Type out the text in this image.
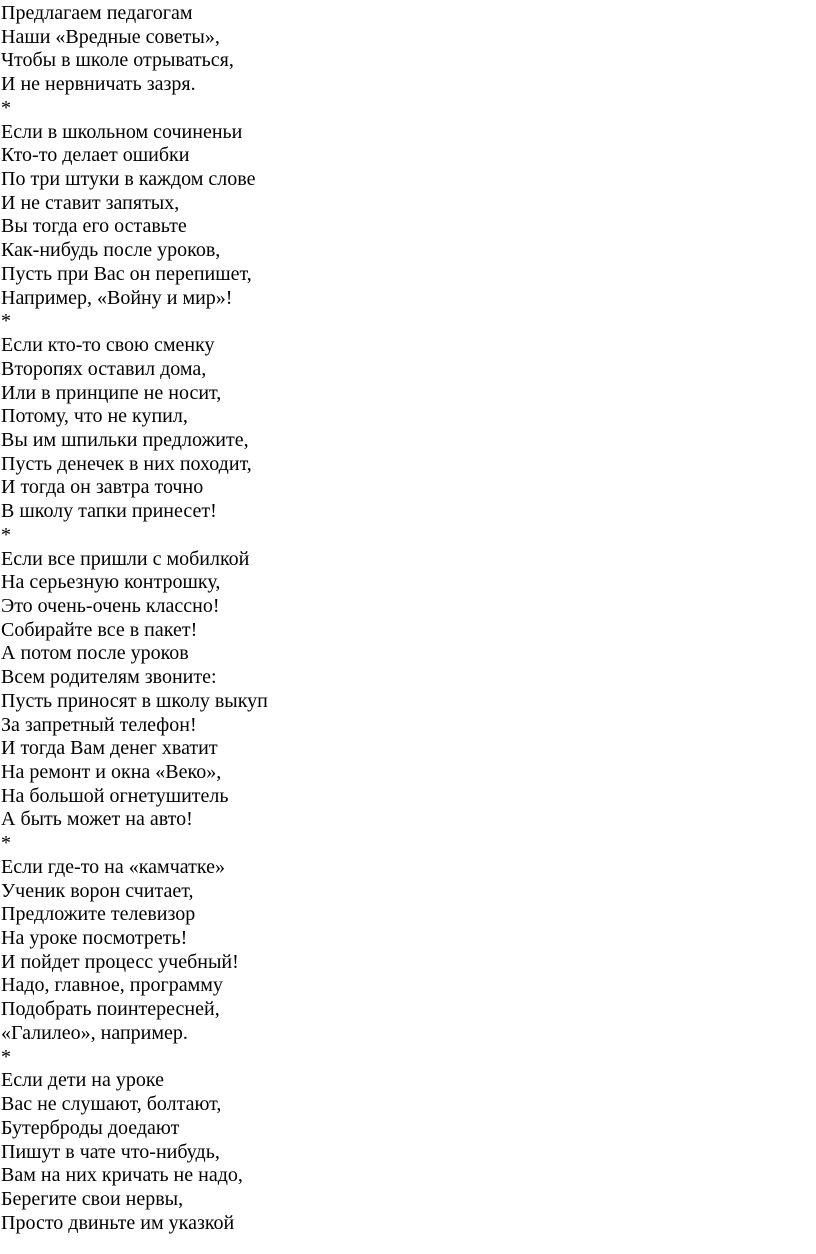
Предлагаем педагогам
Наши «Вредные советы»,
Чтобы в школе отрываться,
И не нервничать зазря.
*
Если в школьном сочиненьи
Кто-то делает ошибки
По три штуки в каждом слове
И не ставит запятых,
Вы тогда его оставьте
Как-нибудь после уроков,
Пусть при Вас он перепишет,
Например, «Войну и мир»!
*
Если кто-то свою сменку
Второпях оставил дома,
Или в принципе не носит,
Потому, что не купил,
Вы им шпильки предложите,
Пусть денечек в них походит,
И тогда он завтра точно
В школу тапки принесет!
*
Если все пришли с мобилкой
На серьезную контрошку,
Это очень-очень классно!
Собирайте все в пакет!
А потом после уроков
Всем родителям звоните:
Пусть приносят в школу выкуп
За запретный телефон!
И тогда Вам денег хватит
На ремонт и окна «Веко»,
На большой огнетушитель
А быть может на авто!
*
Если где-то на «камчатке»
Ученик ворон считает,
Предложите телевизор
На уроке посмотреть!
И пойдет процесс учебный!
Надо, главное, программу
Подобрать поинтересней,
«Галилео», например.
*
Если дети на уроке
Вас не слушают, болтают,
Бутерброды доедают
Пишут в чате что-нибудь,
Вам на них кричать не надо,
Берегите свои нервы,
Просто двиньте им указкой
